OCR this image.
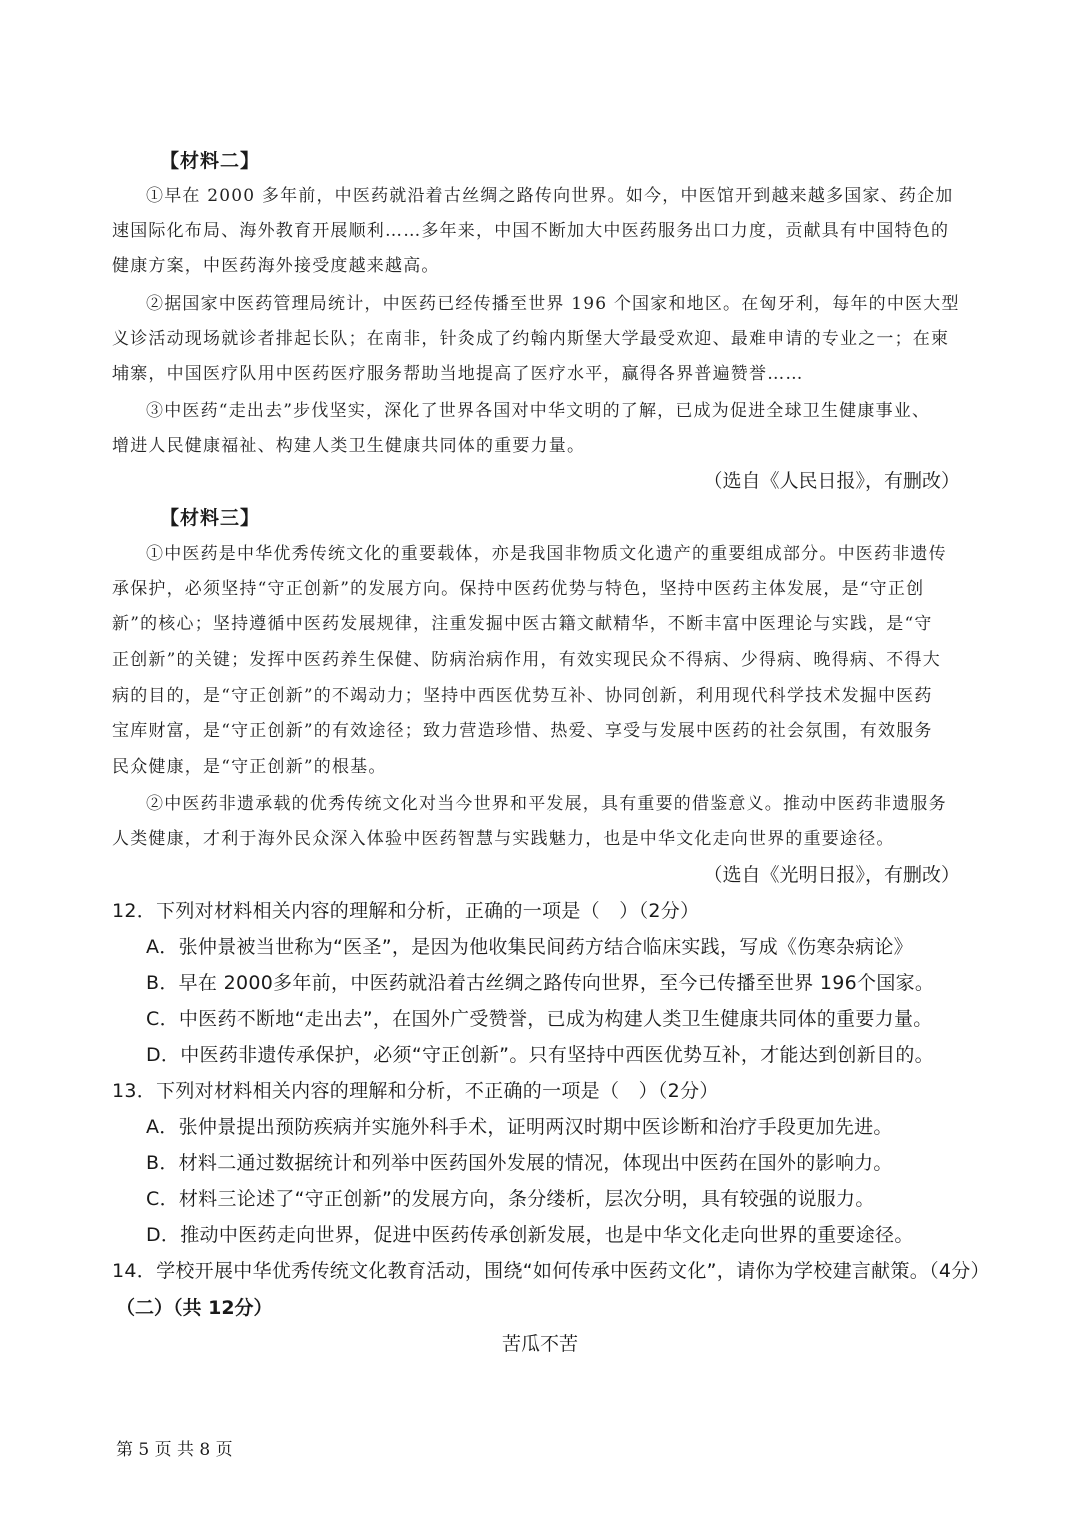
【材料二】
①早在 2000 多年前，中医药就沿着古丝绸之路传向世界。如今，中医馆开到越来越多国家、药企加
速国际化布局、海外教育开展顺利……多年来，中国不断加大中医药服务出口力度，贡献具有中国特色的
健康方案，中医药海外接受度越来越高。
②据国家中医药管理局统计，中医药已经传播至世界 196 个国家和地区。在匈牙利，每年的中医大型
义诊活动现场就诊者排起长队；在南非，针灸成了约翰内斯堡大学最受欢迎、最难申请的专业之一；在柬
埔寨，中国医疗队用中医药医疗服务帮助当地提高了医疗水平，赢得各界普遍赞誉……
③中医药“走出去”步伐坚实，深化了世界各国对中华文明的了解，已成为促进全球卫生健康事业、
增进人民健康福祉、构建人类卫生健康共同体的重要力量。
（选自《人民日报》，有删改）
【材料三】
①中医药是中华优秀传统文化的重要载体，亦是我国非物质文化遗产的重要组成部分。中医药非遗传
承保护，必须坚持“守正创新”的发展方向。保持中医药优势与特色，坚持中医药主体发展，是“守正创
新”的核心；坚持遵循中医药发展规律，注重发掘中医古籍文献精华，不断丰富中医理论与实践，是“守
正创新”的关键；发挥中医药养生保健、防病治病作用，有效实现民众不得病、少得病、晚得病、不得大
病的目的，是“守正创新”的不竭动力；坚持中西医优势互补、协同创新，利用现代科学技术发掘中医药
宝库财富，是“守正创新”的有效途径；致力营造珍惜、热爱、享受与发展中医药的社会氛围，有效服务
民众健康，是“守正创新”的根基。
②中医药非遗承载的优秀传统文化对当今世界和平发展，具有重要的借鉴意义。推动中医药非遗服务
人类健康，才利于海外民众深入体验中医药智慧与实践魅力，也是中华文化走向世界的重要途径。
（选自《光明日报》，有删改）
12．下列对材料相关内容的理解和分析，正确的一项是（　）（2分）
A．张仲景被当世称为“医圣”，是因为他收集民间药方结合临床实践，写成《伤寒杂病论》
B．早在 2000多年前，中医药就沿着古丝绸之路传向世界，至今已传播至世界 196个国家。
C．中医药不断地“走出去”，在国外广受赞誉，已成为构建人类卫生健康共同体的重要力量。
D．中医药非遗传承保护，必须“守正创新”。只有坚持中西医优势互补，才能达到创新目的。
13．下列对材料相关内容的理解和分析，不正确的一项是（　）（2分）
A．张仲景提出预防疾病并实施外科手术，证明两汉时期中医诊断和治疗手段更加先进。
B．材料二通过数据统计和列举中医药国外发展的情况，体现出中医药在国外的影响力。
C．材料三论述了“守正创新”的发展方向，条分缕析，层次分明，具有较强的说服力。
D．推动中医药走向世界，促进中医药传承创新发展，也是中华文化走向世界的重要途径。
14．学校开展中华优秀传统文化教育活动，围绕“如何传承中医药文化”，请你为学校建言献策。（4分）
（二）（共 12分）
苦瓜不苦
第 5 页 共 8 页
